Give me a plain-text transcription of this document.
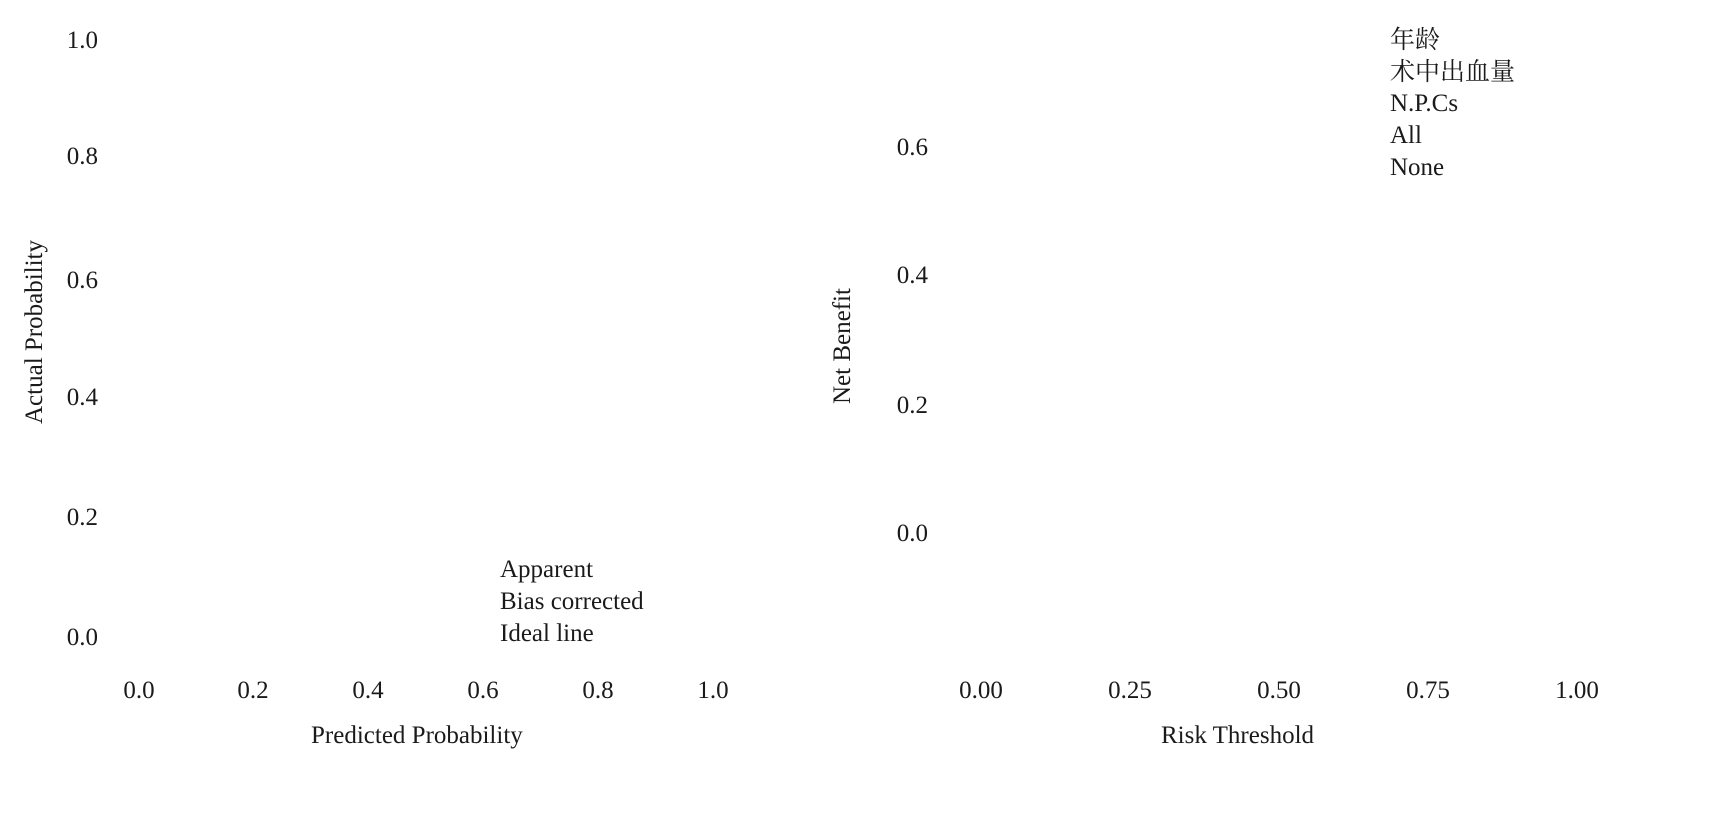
1.0
0.8
0.6
0.4
0.2
0.0
Actual Probability
0.0	0.2	0.4	0.6	0.8	1.0
Predicted Probability
Apparent
Bias corrected
Ideal line
0.6
0.4
0.2
0.0
Net Benefit
0.00	0.25	0.50	0.75	1.00
Risk Threshold
年龄
术中出血量
N.P.Cs
All
None
